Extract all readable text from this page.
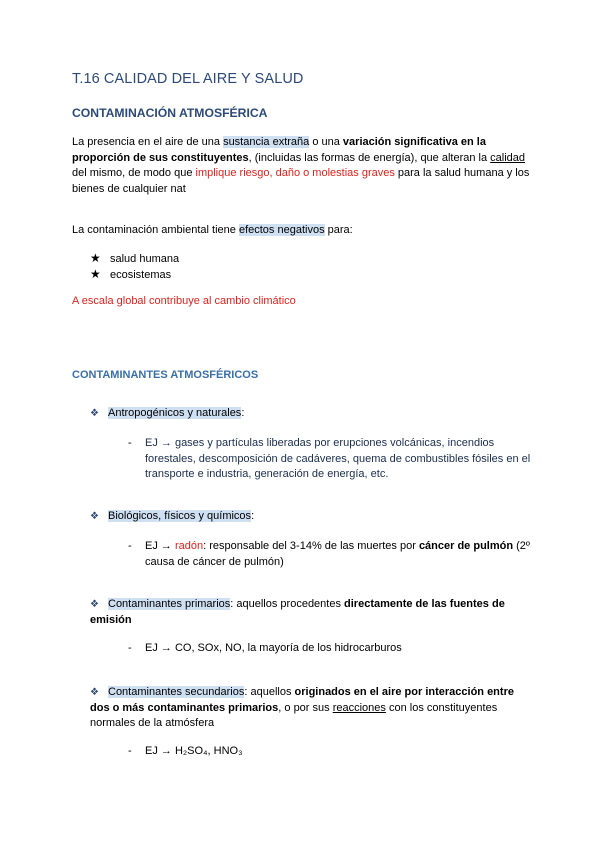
T.16 CALIDAD DEL AIRE Y SALUD
CONTAMINACIÓN ATMOSFÉRICA
La presencia en el aire de una sustancia extraña o una variación significativa en la proporción de sus constituyentes, (incluidas las formas de energía), que alteran la calidad del mismo, de modo que implique riesgo, daño o molestias graves para la salud humana y los bienes de cualquier nat
La contaminación ambiental tiene efectos negativos para:
★ salud humana
★ ecosistemas
A escala global contribuye al cambio climático
CONTAMINANTES ATMOSFÉRICOS
❖ Antropogénicos y naturales:
- EJ → gases y partículas liberadas por erupciones volcánicas, incendios forestales, descomposición de cadáveres, quema de combustibles fósiles en el transporte e industria, generación de energía, etc.
❖ Biológicos, físicos y químicos:
- EJ → radón: responsable del 3-14% de las muertes por cáncer de pulmón (2º causa de cáncer de pulmón)
❖ Contaminantes primarios: aquellos procedentes directamente de las fuentes de emisión
- EJ → CO, SOx, NO, la mayoría de los hidrocarburos
❖ Contaminantes secundarios: aquellos originados en el aire por interacción entre dos o más contaminantes primarios, o por sus reacciones con los constituyentes normales de la atmósfera
- EJ → H₂SO₄, HNO₃
